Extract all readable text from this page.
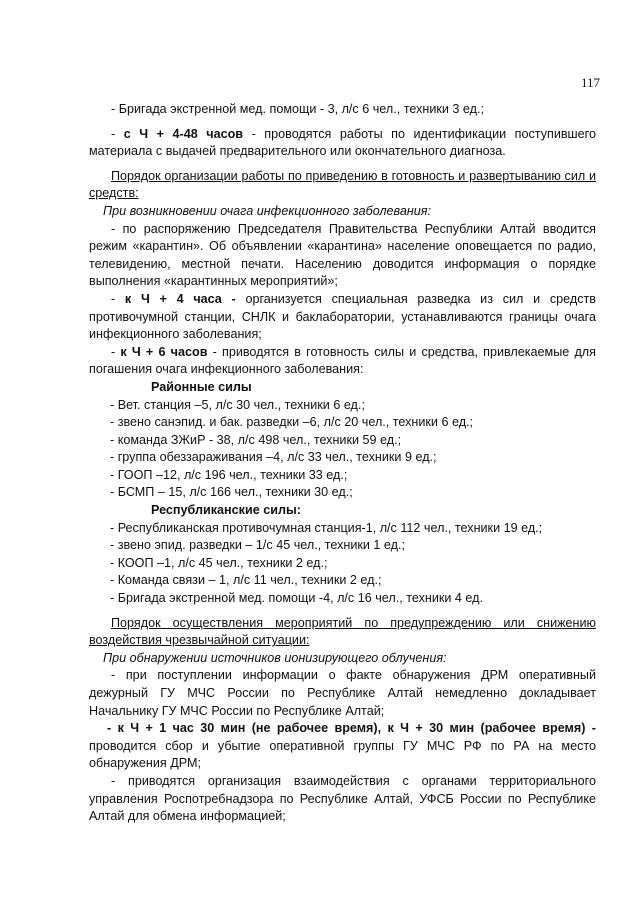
117

- Бригада экстренной мед. помощи - 3, л/с 6 чел., техники 3 ед.;

- с Ч + 4-48 часов - проводятся работы по идентификации поступившего материала с выдачей предварительного или окончательного диагноза.

Порядок организации работы по приведению в готовность и развертыванию сил и средств:

При возникновении очага инфекционного заболевания:

- по распоряжению Председателя Правительства Республики Алтай вводится режим «карантин». Об объявлении «карантина» население оповещается по радио, телевидению, местной печати. Населению доводится информация о порядке выполнения «карантинных мероприятий»;

- к Ч + 4 часа - организуется специальная разведка из сил и средств противочумной станции, СНЛК и баклаборатории, устанавливаются границы очага инфекционного заболевания;

- к Ч + 6 часов - приводятся в готовность силы и средства, привлекаемые для погашения очага инфекционного заболевания:

Районные силы

- Вет. станция –5, л/с 30 чел., техники 6 ед.;

- звено санэпид. и бак. разведки –6, л/с 20 чел., техники 6 ед.;

- команда ЗЖиР - 38, л/с 498 чел., техники 59 ед.;

- группа обеззараживания –4, л/с 33 чел., техники 9 ед.;

- ГООП –12, л/с 196 чел., техники 33 ед.;

- БСМП – 15, л/с 166 чел., техники 30 ед.;

Республиканские силы:

- Республиканская противочумная станция-1, л/с 112 чел., техники 19 ед.;

- звено эпид. разведки – 1/с 45 чел., техники 1 ед.;

- КООП –1, л/с 45 чел., техники 2 ед.;

- Команда связи – 1, л/с 11 чел., техники 2 ед.;

- Бригада экстренной мед. помощи -4, л/с 16 чел., техники 4 ед.

Порядок осуществления мероприятий по предупреждению или снижению воздействия чрезвычайной ситуации:

При обнаружении источников ионизирующего облучения:

- при поступлении информации о факте обнаружения ДРМ оперативный дежурный ГУ МЧС России по Республике Алтай немедленно докладывает Начальнику ГУ МЧС России по Республике Алтай;

- к Ч + 1 час 30 мин (не рабочее время), к Ч + 30 мин (рабочее время) - проводится сбор и убытие оперативной группы ГУ МЧС РФ по РА на место обнаружения ДРМ;

- приводятся организация взаимодействия с органами территориального управления Роспотребнадзора по Республике Алтай, УФСБ России по Республике Алтай для обмена информацией;
